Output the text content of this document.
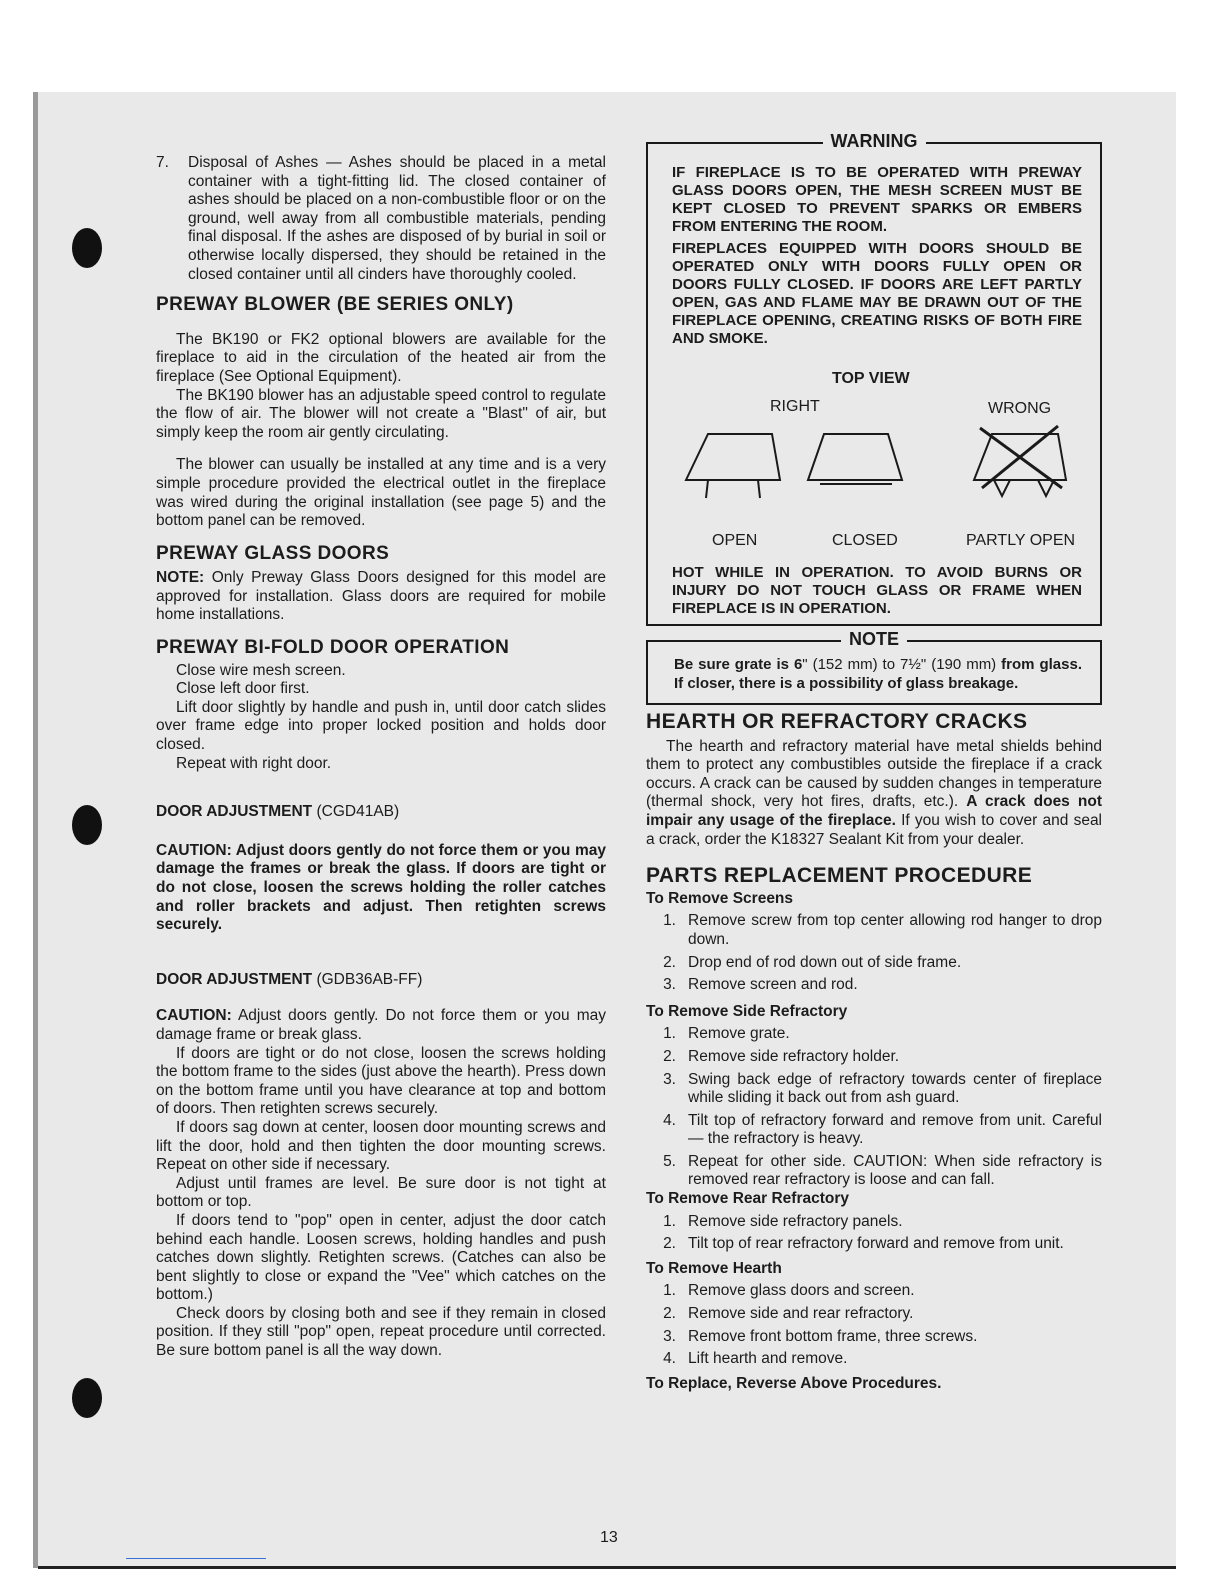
7.	Disposal of Ashes — Ashes should be placed in a metal container with a tight-fitting lid. The closed container of ashes should be placed on a non-combustible floor or on the ground, well away from all combustible materials, pending final disposal. If the ashes are disposed of by burial in soil or otherwise locally dispersed, they should be retained in the closed container until all cinders have thoroughly cooled.

PREWAY BLOWER (BE SERIES ONLY)

The BK190 or FK2 optional blowers are available for the fireplace to aid in the circulation of the heated air from the fireplace (See Optional Equipment).

The BK190 blower has an adjustable speed control to regulate the flow of air. The blower will not create a "Blast" of air, but simply keep the room air gently circulating.

The blower can usually be installed at any time and is a very simple procedure provided the electrical outlet in the fireplace was wired during the original installation (see page 5) and the bottom panel can be removed.

PREWAY GLASS DOORS

NOTE: Only Preway Glass Doors designed for this model are approved for installation. Glass doors are required for mobile home installations.

PREWAY BI-FOLD DOOR OPERATION

Close wire mesh screen.

Close left door first.

Lift door slightly by handle and push in, until door catch slides over frame edge into proper locked position and holds door closed.

Repeat with right door.

DOOR ADJUSTMENT (CGD41AB)

CAUTION: Adjust doors gently do not force them or you may damage the frames or break the glass. If doors are tight or do not close, loosen the screws holding the roller catches and roller brackets and adjust. Then retighten screws securely.

DOOR ADJUSTMENT (GDB36AB-FF)

CAUTION: Adjust doors gently. Do not force them or you may damage frame or break glass.

If doors are tight or do not close, loosen the screws holding the bottom frame to the sides (just above the hearth). Press down on the bottom frame until you have clearance at top and bottom of doors. Then retighten screws securely.

If doors sag down at center, loosen door mounting screws and lift the door, hold and then tighten the door mounting screws. Repeat on other side if necessary.

Adjust until frames are level. Be sure door is not tight at bottom or top.

If doors tend to "pop" open in center, adjust the door catch behind each handle. Loosen screws, holding handles and push catches down slightly. Retighten screws. (Catches can also be bent slightly to close or expand the "Vee" which catches on the bottom.)

Check doors by closing both and see if they remain in closed position. If they still "pop" open, repeat procedure until corrected. Be sure bottom panel is all the way down.

WARNING

IF FIREPLACE IS TO BE OPERATED WITH PREWAY GLASS DOORS OPEN, THE MESH SCREEN MUST BE KEPT CLOSED TO PREVENT SPARKS OR EMBERS FROM ENTERING THE ROOM.

FIREPLACES EQUIPPED WITH DOORS SHOULD BE OPERATED ONLY WITH DOORS FULLY OPEN OR DOORS FULLY CLOSED. IF DOORS ARE LEFT PARTLY OPEN, GAS AND FLAME MAY BE DRAWN OUT OF THE FIREPLACE OPENING, CREATING RISKS OF BOTH FIRE AND SMOKE.

TOP VIEW
RIGHT	WRONG
OPEN	CLOSED	PARTLY OPEN

HOT WHILE IN OPERATION. TO AVOID BURNS OR INJURY DO NOT TOUCH GLASS OR FRAME WHEN FIREPLACE IS IN OPERATION.

NOTE

Be sure grate is 6" (152 mm) to 7½" (190 mm) from glass. If closer, there is a possibility of glass breakage.

HEARTH OR REFRACTORY CRACKS

The hearth and refractory material have metal shields behind them to protect any combustibles outside the fireplace if a crack occurs. A crack can be caused by sudden changes in temperature (thermal shock, very hot fires, drafts, etc.). A crack does not impair any usage of the fireplace. If you wish to cover and seal a crack, order the K18327 Sealant Kit from your dealer.

PARTS REPLACEMENT PROCEDURE

To Remove Screens

1. Remove screw from top center allowing rod hanger to drop down.
2. Drop end of rod down out of side frame.
3. Remove screen and rod.

To Remove Side Refractory

1. Remove grate.
2. Remove side refractory holder.
3. Swing back edge of refractory towards center of fireplace while sliding it back out from ash guard.
4. Tilt top of refractory forward and remove from unit. Careful — the refractory is heavy.
5. Repeat for other side. CAUTION: When side refractory is removed rear refractory is loose and can fall.

To Remove Rear Refractory

1. Remove side refractory panels.
2. Tilt top of rear refractory forward and remove from unit.

To Remove Hearth

1. Remove glass doors and screen.
2. Remove side and rear refractory.
3. Remove front bottom frame, three screws.
4. Lift hearth and remove.

To Replace, Reverse Above Procedures.

13
